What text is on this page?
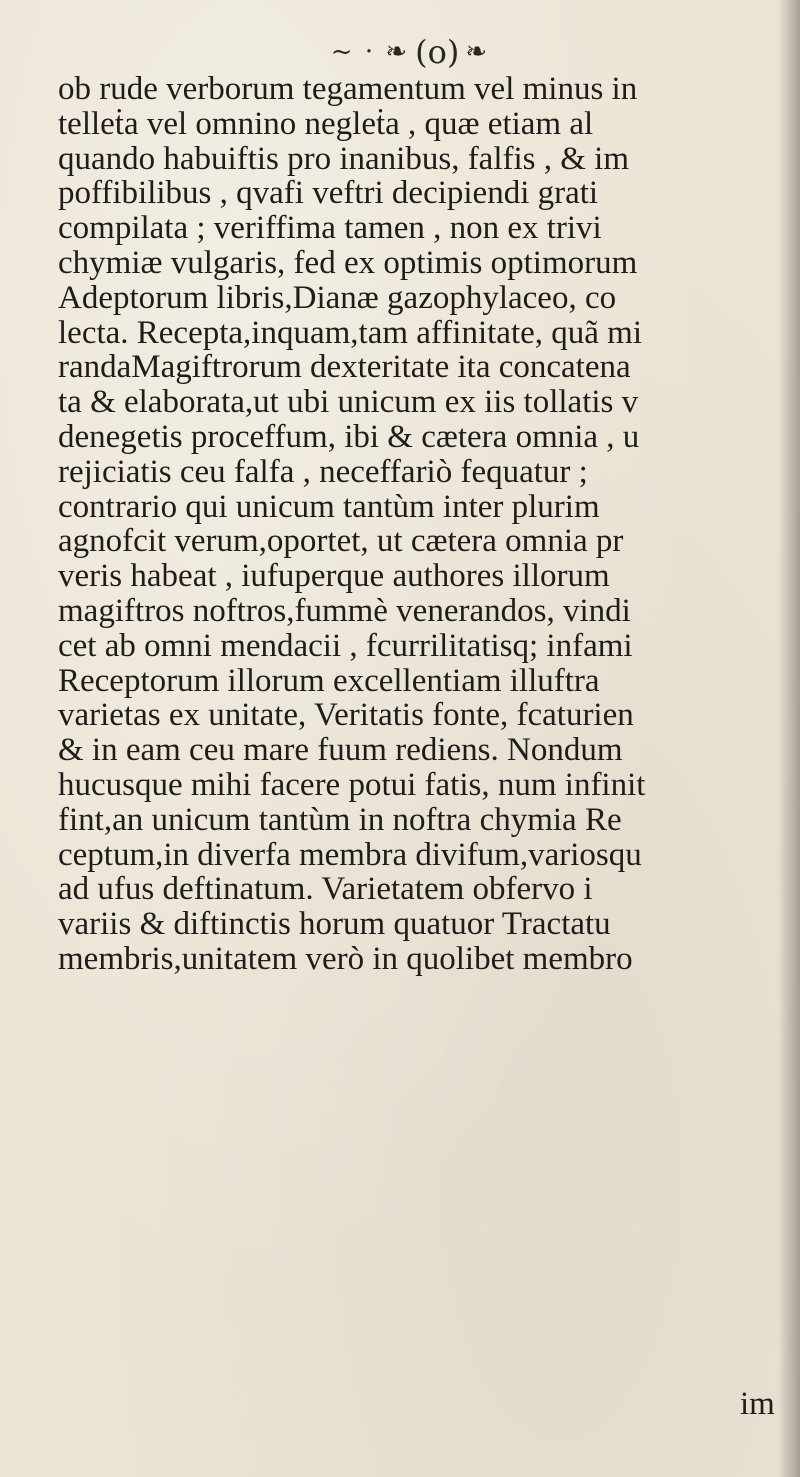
~ · ❧ (o) ❧
ob rude verborum tegamentum vel minus in
telleṫa vel omnino negleṫa , quæ etiam al
quando habuiftis pro inanibus, falfis , & im
poffibilibus , qvafi veftri decipiendi grati
compilata ; veriffima tamen , non ex trivi
chymiæ vulgaris, fed ex optimis optimorum
Adeptorum libris,Dianæ gazophylaceo, co
lecta. Recepta,inquam,tam affinitate, quã mi
randaMagiftrorum dexteritate ita concatena
ta & elaborata,ut ubi unicum ex iis tollatis v
denegetis proceffum, ibi & cætera omnia , u
rejiciatis ceu falfa , neceffariò fequatur ;
contrario qui unicum tantùm inter plurim
agnofcit verum,oportet, ut cætera omnia pr
veris habeat , iufuperque authores illorum
magiftros noftros,fummè venerandos, vindi
cet ab omni mendacii , fcurrilitatisq; infami
Receptorum illorum excellentiam illuftra
varietas ex unitate, Veritatis fonte, fcaturien
& in eam ceu mare fuum rediens. Nondum
hucusque mihi facere potui fatis, num infinit
fint,an unicum tantùm in noftra chymia Re
ceptum,in diverfa membra divifum,variosqu
ad ufus deftinatum. Varietatem obfervo i
variis & diftinctis horum quatuor Tractatu
membris,unitatem verò in quolibet membro
im
